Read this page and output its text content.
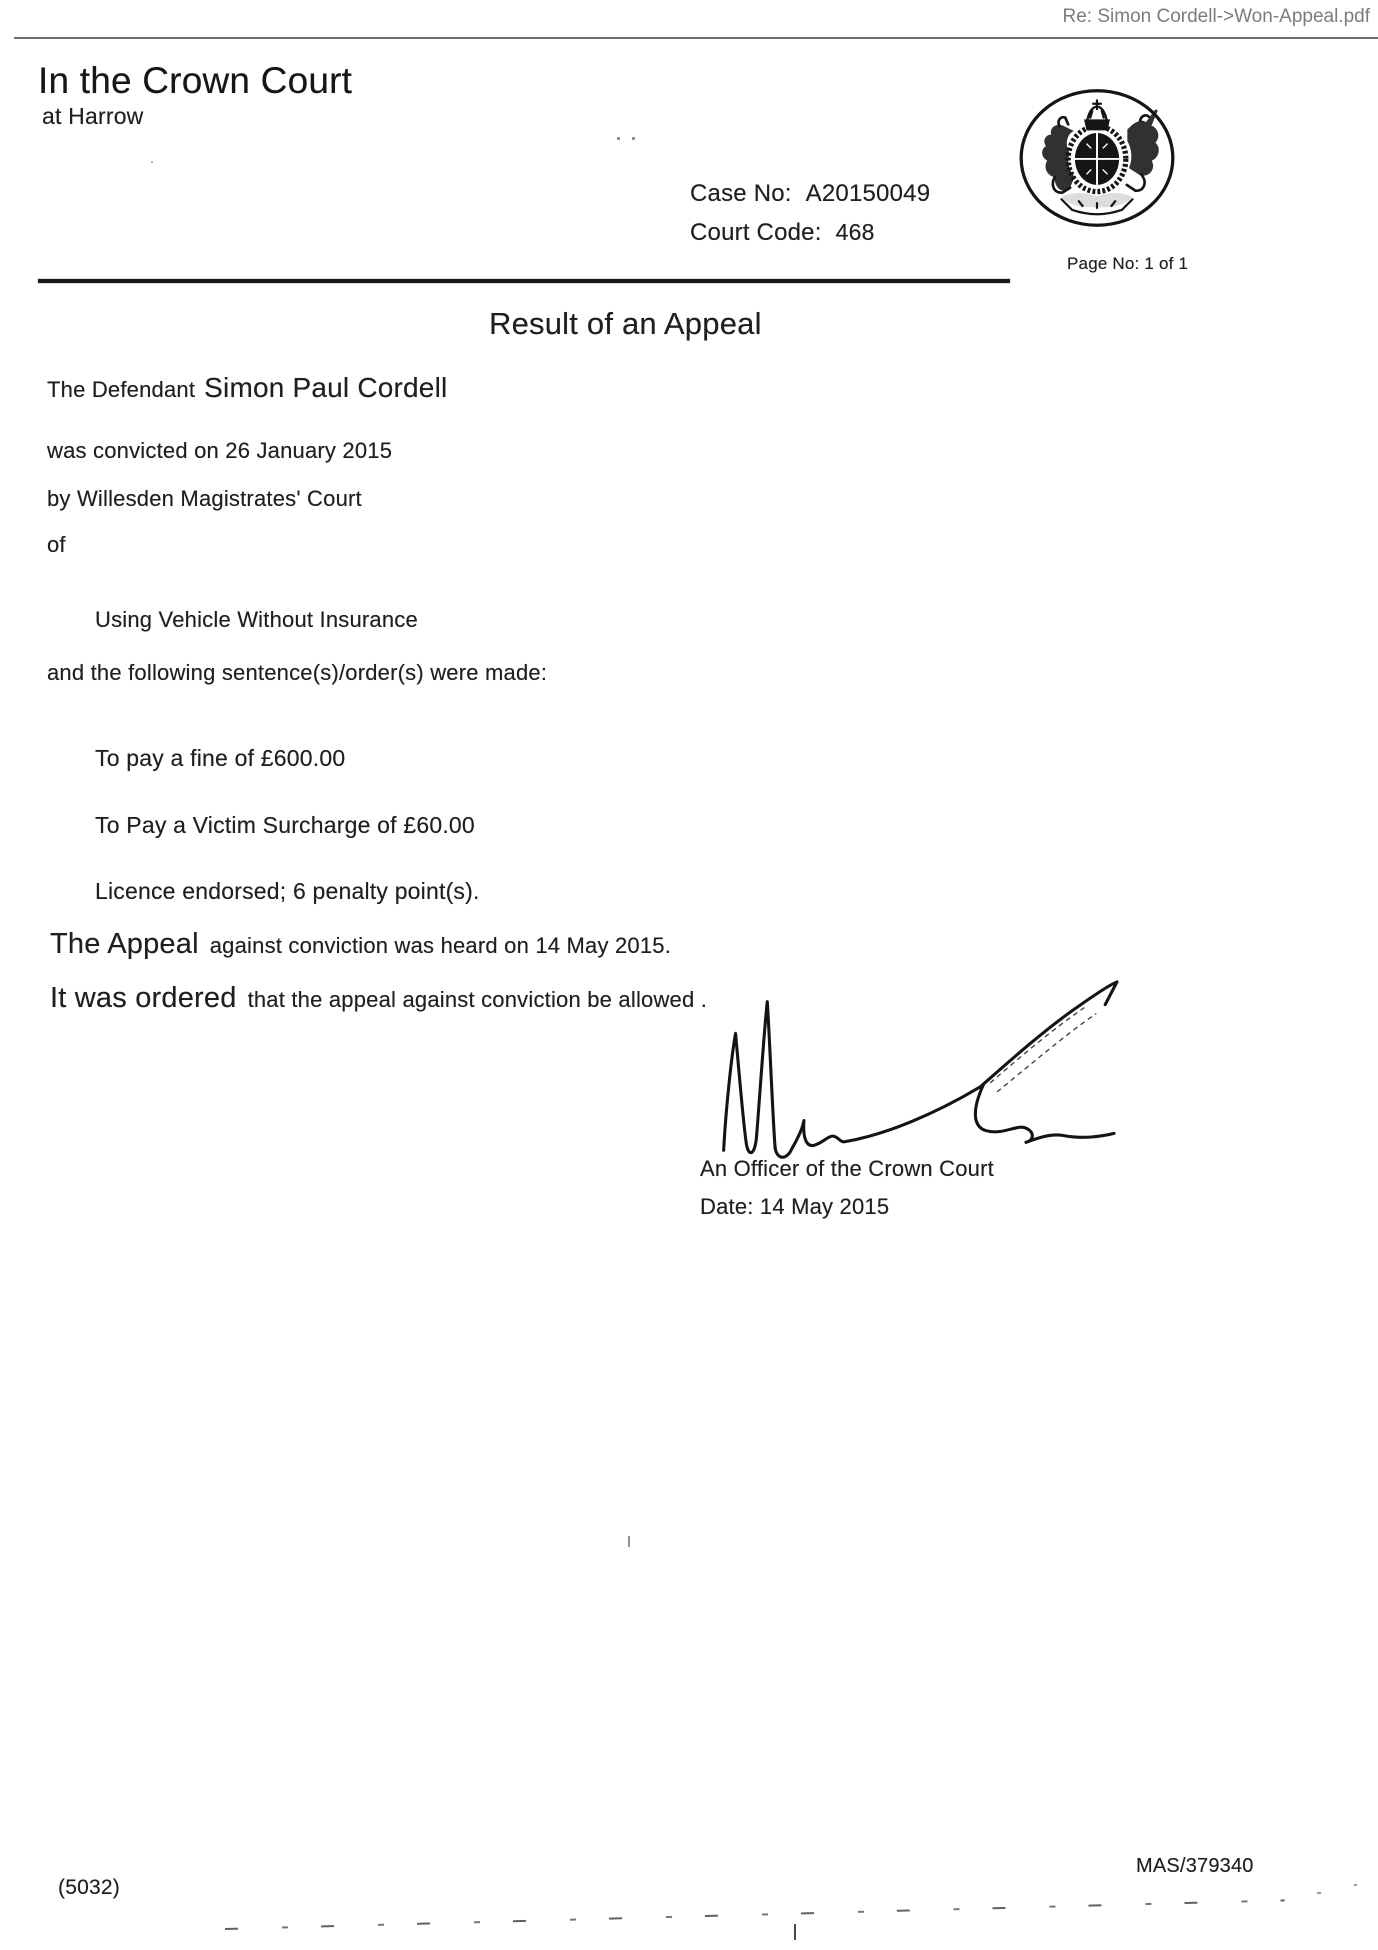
Re: Simon Cordell->Won-Appeal.pdf
In the Crown Court
at Harrow
Case No: A20150049
Court Code: 468
Page No: 1 of 1
Result of an Appeal
The Defendant Simon Paul Cordell
was convicted on 26 January 2015
by Willesden Magistrates' Court
of
Using Vehicle Without Insurance
and the following sentence(s)/order(s) were made:
To pay a fine of £600.00
To Pay a Victim Surcharge of £60.00
Licence endorsed; 6 penalty point(s).
The Appeal against conviction was heard on 14 May 2015.
It was ordered that the appeal against conviction be allowed .
An Officer of the Crown Court
Date: 14 May 2015
(5032)
MAS/379340
